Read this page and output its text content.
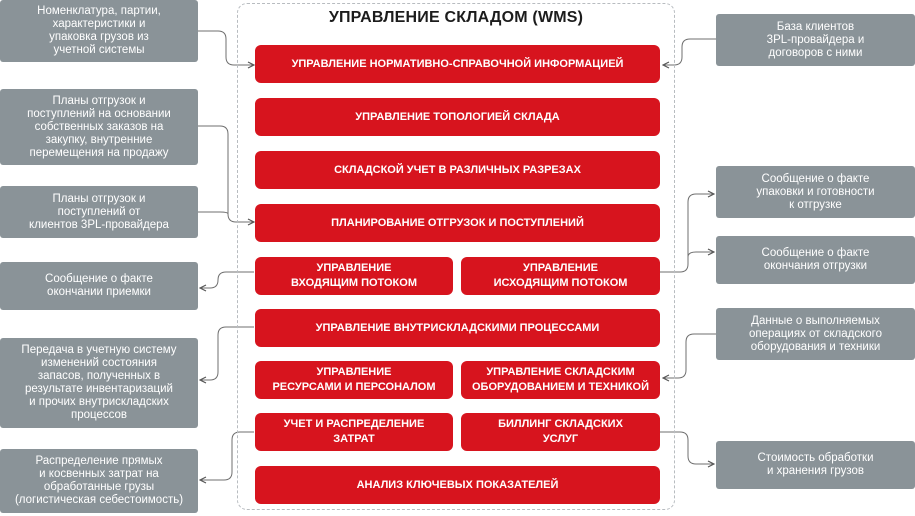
УПРАВЛЕНИЕ СКЛАДОМ (WMS)
УПРАВЛЕНИЕ НОРМАТИВНО-СПРАВОЧНОЙ ИНФОРМАЦИЕЙ
УПРАВЛЕНИЕ ТОПОЛОГИЕЙ СКЛАДА
СКЛАДСКОЙ УЧЕТ В РАЗЛИЧНЫХ РАЗРЕЗАХ
ПЛАНИРОВАНИЕ ОТГРУЗОК И ПОСТУПЛЕНИЙ
УПРАВЛЕНИЕ
ВХОДЯЩИМ ПОТОКОМ
УПРАВЛЕНИЕ
ИСХОДЯЩИМ ПОТОКОМ
УПРАВЛЕНИЕ ВНУТРИСКЛАДСКИМИ ПРОЦЕССАМИ
УПРАВЛЕНИЕ
РЕСУРСАМИ И ПЕРСОНАЛОМ
УПРАВЛЕНИЕ СКЛАДСКИМ
ОБОРУДОВАНИЕМ И ТЕХНИКОЙ
УЧЕТ И РАСПРЕДЕЛЕНИЕ
ЗАТРАТ
БИЛЛИНГ СКЛАДСКИХ
УСЛУГ
АНАЛИЗ КЛЮЧЕВЫХ ПОКАЗАТЕЛЕЙ
Номенклатура, партии,
характеристики и
упаковка грузов из
учетной системы
Планы отгрузок и
поступлений на основании
собственных заказов на
закупку, внутренние
перемещения на продажу
Планы отгрузок и
поступлений от
клиентов 3PL-провайдера
Сообщение о факте
окончании приемки
Передача в учетную систему
изменений состояния
запасов, полученных в
результате инвентаризаций
и прочих внутрискладских
процессов
Распределение прямых
и косвенных затрат на
обработанные грузы
(логистическая себестоимость)
База клиентов
3PL-провайдера и
договоров с ними
Сообщение о факте
упаковки и готовности
к отгрузке
Сообщение о факте
окончания отгрузки
Данные о выполняемых
операциях от складского
оборудования и техники
Стоимость обработки
и хранения грузов
